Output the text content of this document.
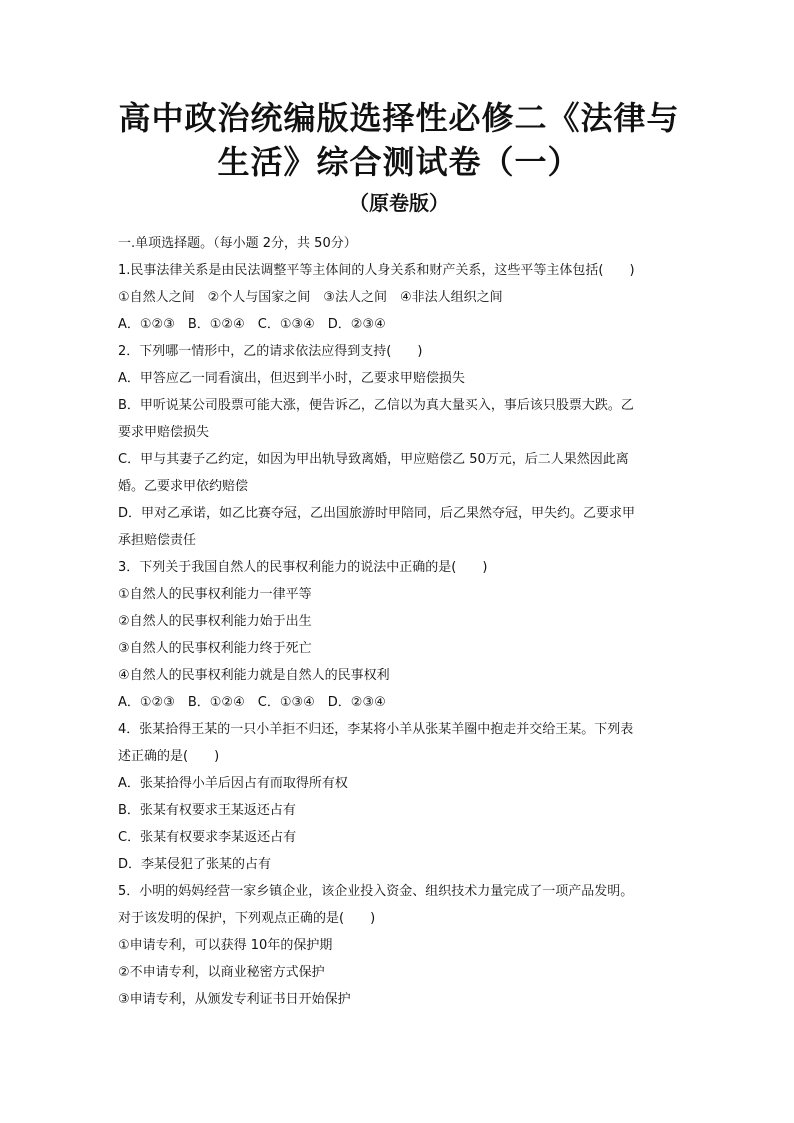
高中政治统编版选择性必修二《法律与
生活》综合测试卷（一）
（原卷版）

一.单项选择题。（每小题 2分，共 50分）

1.民事法律关系是由民法调整平等主体间的人身关系和财产关系，这些平等主体包括(　　)

①自然人之间　②个人与国家之间　③法人之间　④非法人组织之间

A．①②③　B．①②④　C．①③④　D．②③④

2．下列哪一情形中，乙的请求依法应得到支持(　　)

A．甲答应乙一同看演出，但迟到半小时，乙要求甲赔偿损失

B．甲听说某公司股票可能大涨，便告诉乙，乙信以为真大量买入，事后该只股票大跌。乙

要求甲赔偿损失

C．甲与其妻子乙约定，如因为甲出轨导致离婚，甲应赔偿乙 50万元，后二人果然因此离

婚。乙要求甲依约赔偿

D．甲对乙承诺，如乙比赛夺冠，乙出国旅游时甲陪同，后乙果然夺冠，甲失约。乙要求甲

承担赔偿责任

3．下列关于我国自然人的民事权利能力的说法中正确的是(　　)

①自然人的民事权利能力一律平等

②自然人的民事权利能力始于出生

③自然人的民事权利能力终于死亡

④自然人的民事权利能力就是自然人的民事权利

A．①②③　B．①②④　C．①③④　D．②③④

4．张某拾得王某的一只小羊拒不归还，李某将小羊从张某羊圈中抱走并交给王某。下列表

述正确的是(　　)

A．张某拾得小羊后因占有而取得所有权

B．张某有权要求王某返还占有

C．张某有权要求李某返还占有

D．李某侵犯了张某的占有

5．小明的妈妈经营一家乡镇企业，该企业投入资金、组织技术力量完成了一项产品发明。

对于该发明的保护，下列观点正确的是(　　)

①申请专利，可以获得 10年的保护期

②不申请专利，以商业秘密方式保护

③申请专利，从颁发专利证书日开始保护
